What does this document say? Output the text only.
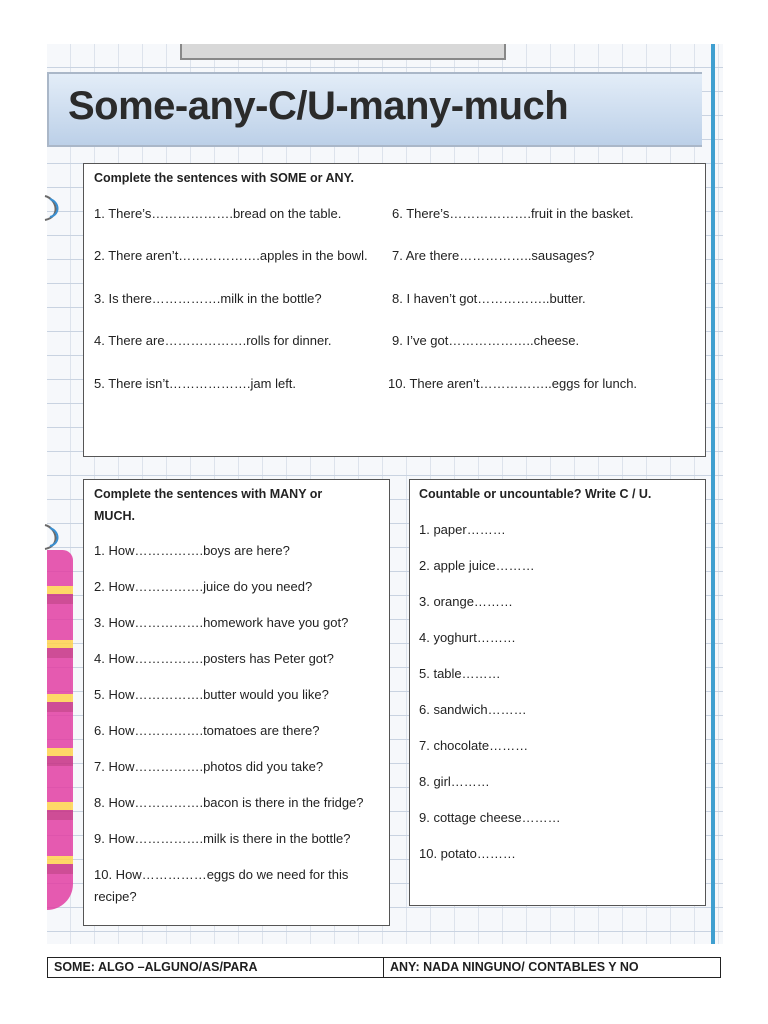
Some-any-C/U-many-much
Complete the sentences with SOME or ANY.
1. There’s……………….bread on the table.
2. There aren’t……………….apples in the bowl.
3. Is there…………….milk in the bottle?
4. There are……………….rolls for dinner.
5. There isn’t……………….jam left.
6. There’s……………….fruit in the basket.
7. Are there……………..sausages?
8. I haven’t got……………..butter.
9. I’ve got………………..cheese.
10. There aren’t……………..eggs for lunch.
Complete the sentences with MANY or
MUCH.
1. How…………….boys are here?
2. How…………….juice do you need?
3. How…………….homework have you got?
4. How…………….posters has Peter got?
5. How…………….butter would you like?
6. How…………….tomatoes are there?
7. How…………….photos did you take?
8. How…………….bacon is there in the fridge?
9. How…………….milk is there in the bottle?
10. How……………eggs do we need for this
recipe?
Countable or uncountable? Write C / U.
1. paper………
2. apple juice………
3. orange………
4. yoghurt………
5. table………
6. sandwich………
7. chocolate………
8. girl………
9. cottage cheese………
10. potato………
SOME: ALGO –ALGUNO/AS/PARA	ANY: NADA NINGUNO/ CONTABLES Y NO
